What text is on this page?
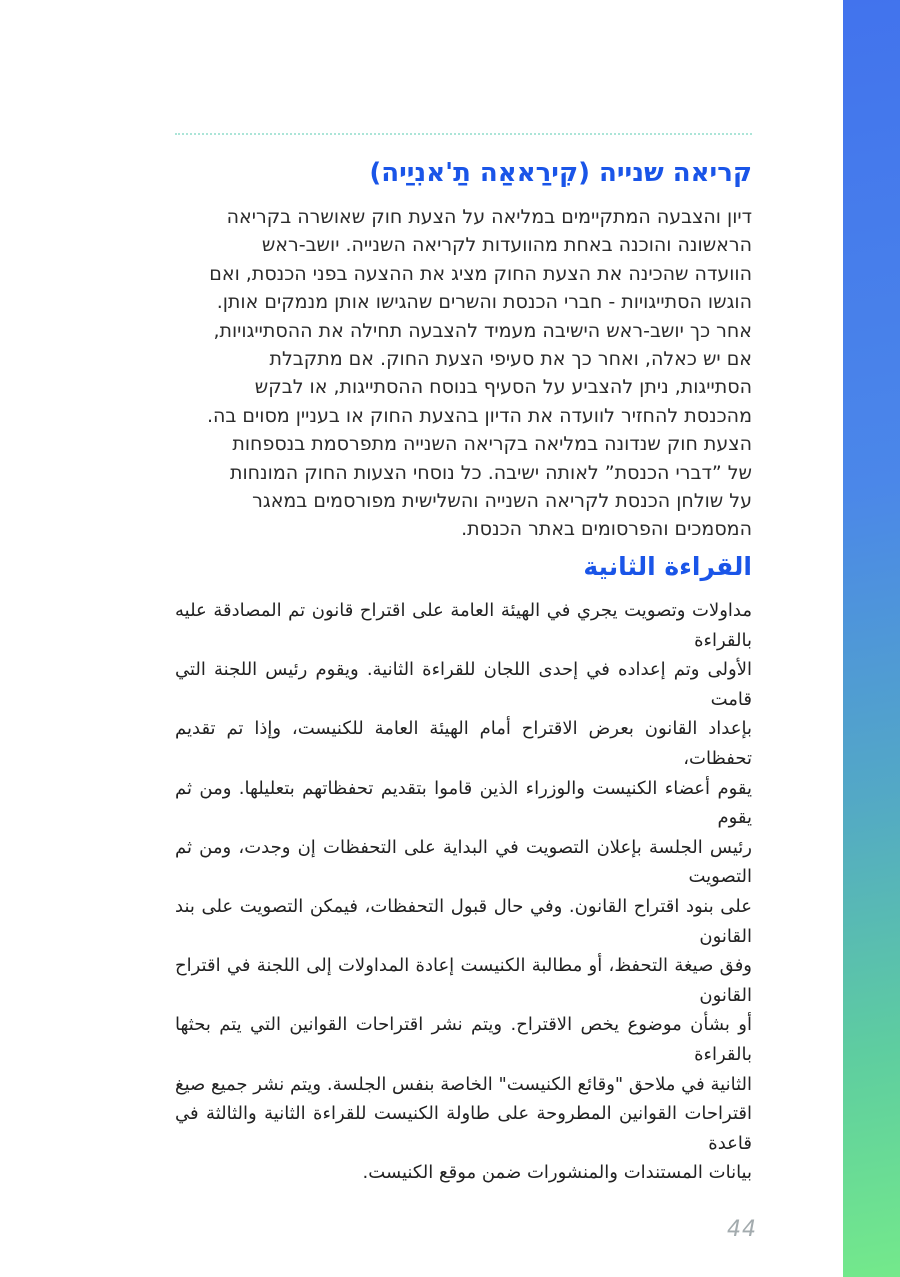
קריאה שנייה (קִירַאאַה תַ'אנִיַיה)
דיון והצבעה המתקיימים במליאה על הצעת חוק שאושרה בקריאה
הראשונה והוכנה באחת מהוועדות לקריאה השנייה. יושב-ראש
הוועדה שהכינה את הצעת החוק מציג את ההצעה בפני הכנסת, ואם
הוגשו הסתייגויות - חברי הכנסת והשרים שהגישו אותן מנמקים אותן.
אחר כך יושב-ראש הישיבה מעמיד להצבעה תחילה את ההסתייגויות,
אם יש כאלה, ואחר כך את סעיפי הצעת החוק. אם מתקבלת
הסתייגות, ניתן להצביע על הסעיף בנוסח ההסתייגות, או לבקש
מהכנסת להחזיר לוועדה את הדיון בהצעת החוק או בעניין מסוים בה.
הצעת חוק שנדונה במליאה בקריאה השנייה מתפרסמת בנספחות
של ”דברי הכנסת” לאותה ישיבה. כל נוסחי הצעות החוק המונחות
על שולחן הכנסת לקריאה השנייה והשלישית מפורסמים במאגר
המסמכים והפרסומים באתר הכנסת.
القراءة الثانية
مداولات وتصويت يجري في الهيئة العامة على اقتراح قانون تم المصادقة عليه بالقراءة
الأولى وتم إعداده في إحدى اللجان للقراءة الثانية. ويقوم رئيس اللجنة التي قامت
بإعداد القانون بعرض الاقتراح أمام الهيئة العامة للكنيست، وإذا تم تقديم تحفظات،
يقوم أعضاء الكنيست والوزراء الذين قاموا بتقديم تحفظاتهم بتعليلها. ومن ثم يقوم
رئيس الجلسة بإعلان التصويت في البداية على التحفظات إن وجدت، ومن ثم التصويت
على بنود اقتراح القانون. وفي حال قبول التحفظات، فيمكن التصويت على بند القانون
وفق صيغة التحفظ، أو مطالبة الكنيست إعادة المداولات إلى اللجنة في اقتراح القانون
أو بشأن موضوع يخص الاقتراح. ويتم نشر اقتراحات القوانين التي يتم بحثها بالقراءة
الثانية في ملاحق "وقائع الكنيست" الخاصة بنفس الجلسة. ويتم نشر جميع صيغ
اقتراحات القوانين المطروحة على طاولة الكنيست للقراءة الثانية والثالثة في قاعدة
بيانات المستندات والمنشورات ضمن موقع الكنيست.
44
